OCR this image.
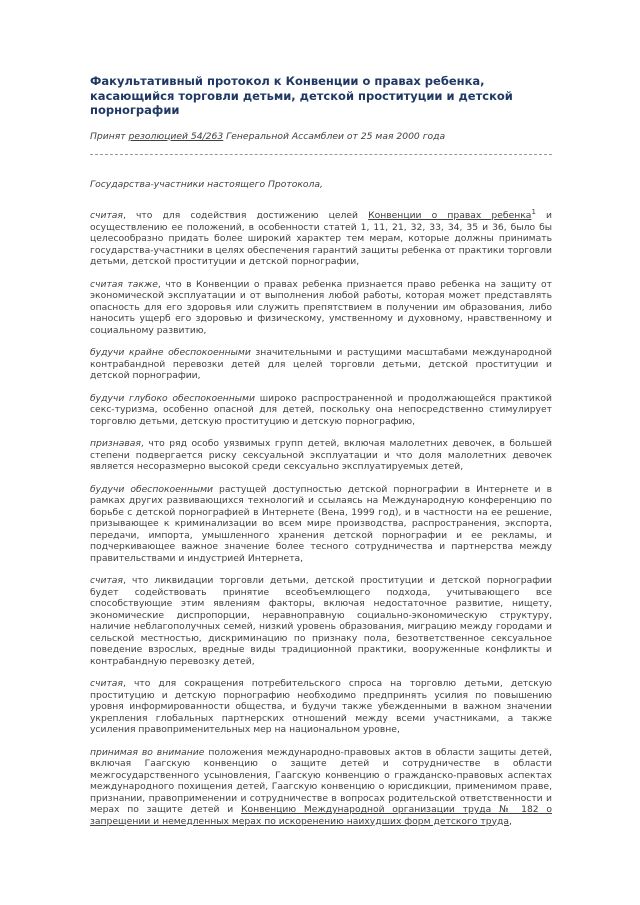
Факультативный протокол к Конвенции о правах ребенка, касающийся торговли детьми, детской проституции и детской порнографии

Принят резолюцией 54/263 Генеральной Ассамблеи от 25 мая 2000 года

Государства-участники настоящего Протокола,

считая, что для содействия достижению целей Конвенции о правах ребенка$^1$ и осуществлению ее положений, в особенности статей 1, 11, 21, 32, 33, 34, 35 и 36, было бы целесообразно придать более широкий характер тем мерам, которые должны принимать государства-участники в целях обеспечения гарантий защиты ребенка от практики торговли детьми, детской проституции и детской порнографии,

считая также, что в Конвенции о правах ребенка признается право ребенка на защиту от экономической эксплуатации и от выполнения любой работы, которая может представлять опасность для его здоровья или служить препятствием в получении им образования, либо наносить ущерб его здоровью и физическому, умственному и духовному, нравственному и социальному развитию,

будучи крайне обеспокоенными значительными и растущими масштабами международной контрабандной перевозки детей для целей торговли детьми, детской проституции и детской порнографии,

будучи глубоко обеспокоенными широко распространенной и продолжающейся практикой секс-туризма, особенно опасной для детей, поскольку она непосредственно стимулирует торговлю детьми, детскую проституцию и детскую порнографию,

признавая, что ряд особо уязвимых групп детей, включая малолетних девочек, в большей степени подвергается риску сексуальной эксплуатации и что доля малолетних девочек является несоразмерно высокой среди сексуально эксплуатируемых детей,

будучи обеспокоенными растущей доступностью детской порнографии в Интернете и в рамках других развивающихся технологий и ссылаясь на Международную конференцию по борьбе с детской порнографией в Интернете (Вена, 1999 год), и в частности на ее решение, призывающее к криминализации во всем мире производства, распространения, экспорта, передачи, импорта, умышленного хранения детской порнографии и ее рекламы, и подчеркивающее важное значение более тесного сотрудничества и партнерства между правительствами и индустрией Интернета,

считая, что ликвидации торговли детьми, детской проституции и детской порнографии будет содействовать принятие всеобъемлющего подхода, учитывающего все способствующие этим явлениям факторы, включая недостаточное развитие, нищету, экономические диспропорции, неравноправную социально-экономическую структуру, наличие неблагополучных семей, низкий уровень образования, миграцию между городами и сельской местностью, дискриминацию по признаку пола, безответственное сексуальное поведение взрослых, вредные виды традиционной практики, вооруженные конфликты и контрабандную перевозку детей,

считая, что для сокращения потребительского спроса на торговлю детьми, детскую проституцию и детскую порнографию необходимо предпринять усилия по повышению уровня информированности общества, и будучи также убежденными в важном значении укрепления глобальных партнерских отношений между всеми участниками, а также усиления правоприменительных мер на национальном уровне,

принимая во внимание положения международно-правовых актов в области защиты детей, включая Гаагскую конвенцию о защите детей и сотрудничестве в области межгосударственного усыновления, Гаагскую конвенцию о гражданско-правовых аспектах международного похищения детей, Гаагскую конвенцию о юрисдикции, применимом праве, признании, правоприменении и сотрудничестве в вопросах родительской ответственности и мерах по защите детей и Конвенцию Международной организации труда № 182 о запрещении и немедленных мерах по искоренению наихудших форм детского труда,
